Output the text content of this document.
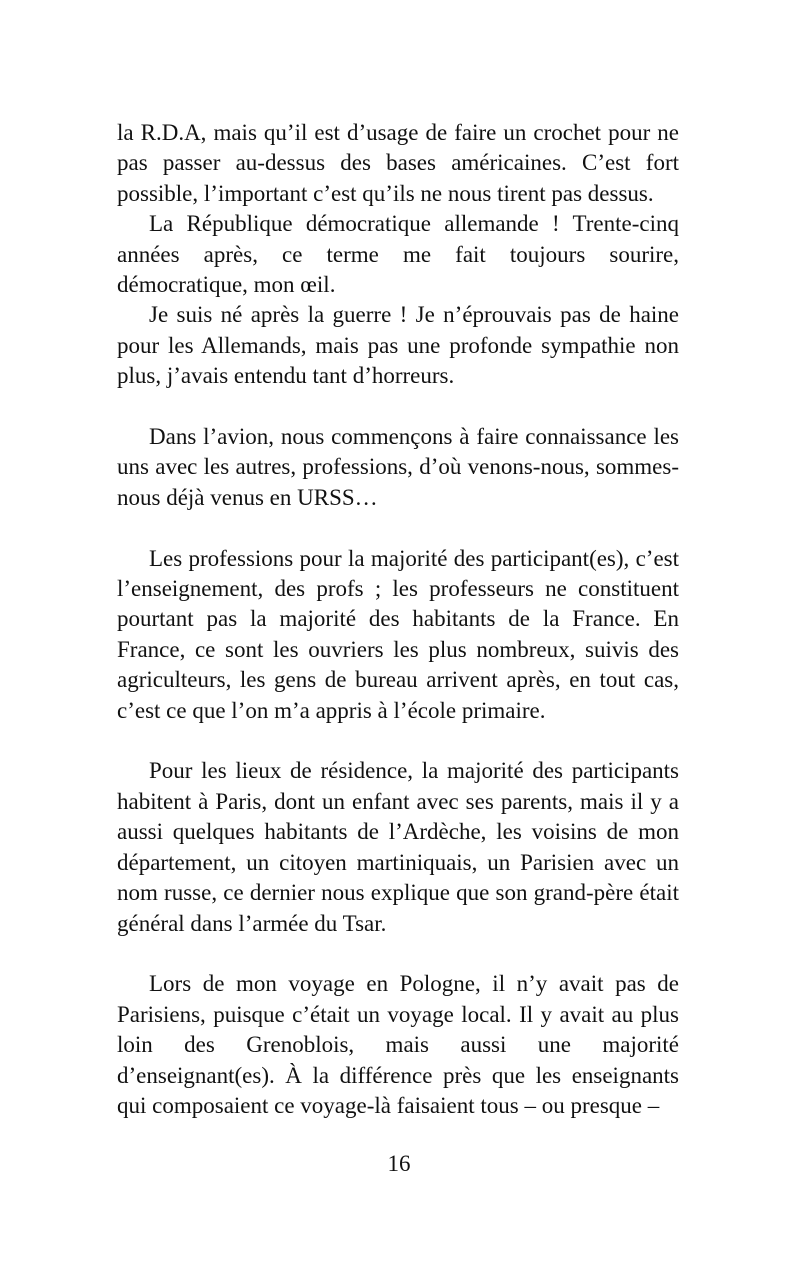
la R.D.A, mais qu’il est d’usage de faire un crochet pour ne pas passer au-dessus des bases américaines. C’est fort possible, l’important c’est qu’ils ne nous tirent pas dessus.

La République démocratique allemande ! Trente-cinq années après, ce terme me fait toujours sourire, démocratique, mon œil.

Je suis né après la guerre ! Je n’éprouvais pas de haine pour les Allemands, mais pas une profonde sympathie non plus, j’avais entendu tant d’horreurs.

Dans l’avion, nous commençons à faire connaissance les uns avec les autres, professions, d’où venons-nous, sommes-nous déjà venus en URSS…

Les professions pour la majorité des participant(es), c’est l’enseignement, des profs ; les professeurs ne constituent pourtant pas la majorité des habitants de la France. En France, ce sont les ouvriers les plus nombreux, suivis des agriculteurs, les gens de bureau arrivent après, en tout cas, c’est ce que l’on m’a appris à l’école primaire.

Pour les lieux de résidence, la majorité des participants habitent à Paris, dont un enfant avec ses parents, mais il y a aussi quelques habitants de l’Ardèche, les voisins de mon département, un citoyen martiniquais, un Parisien avec un nom russe, ce dernier nous explique que son grand-père était général dans l’armée du Tsar.

Lors de mon voyage en Pologne, il n’y avait pas de Parisiens, puisque c’était un voyage local. Il y avait au plus loin des Grenoblois, mais aussi une majorité d’enseignant(es). À la différence près que les enseignants qui composaient ce voyage-là faisaient tous – ou presque –

16
